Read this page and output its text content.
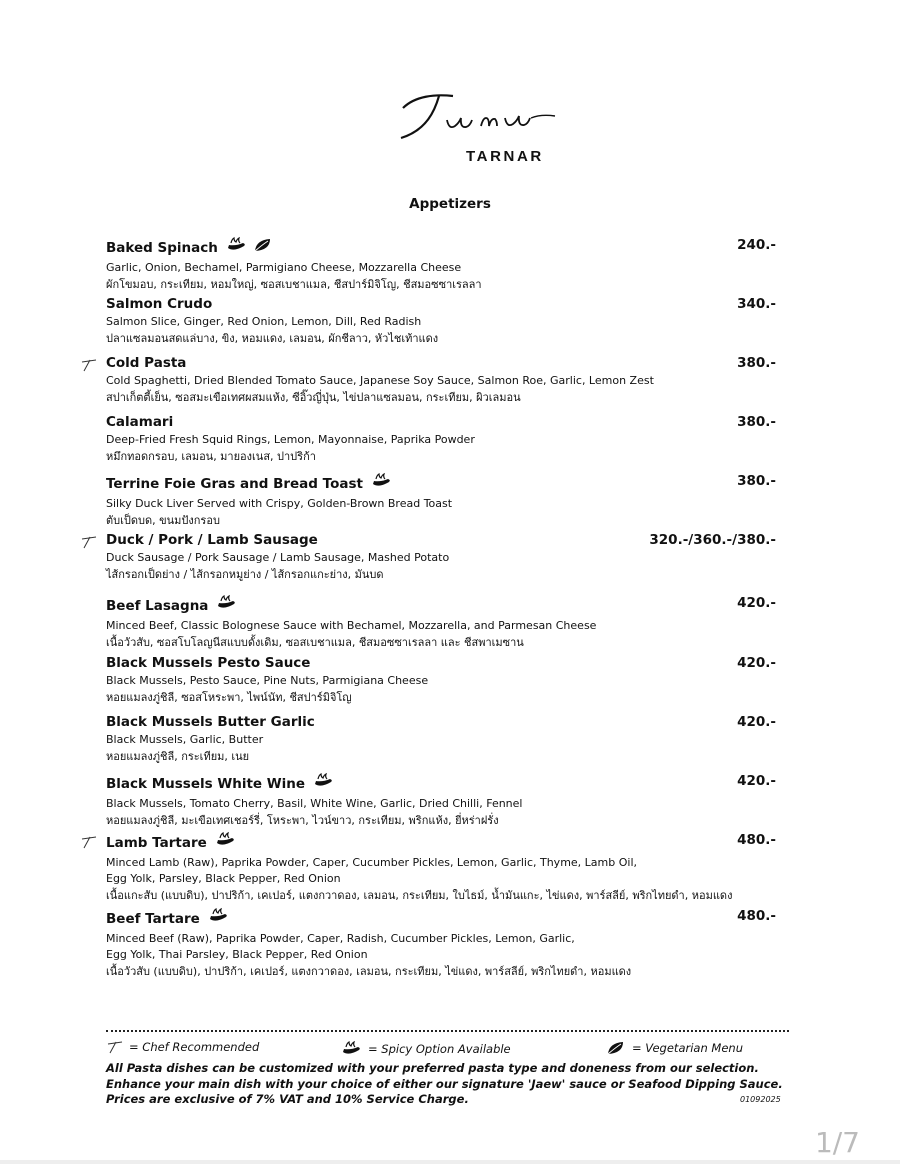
TARNAR
Appetizers
Baked Spinach	240.-
Garlic, Onion, Bechamel, Parmigiano Cheese, Mozzarella Cheese
ผักโขมอบ, กระเทียม, หอมใหญ่, ซอสเบชาแมล, ชีสปาร์มิจิโญ, ชีสมอซซาเรลลา
Salmon Crudo	340.-
Salmon Slice, Ginger, Red Onion, Lemon, Dill, Red Radish
ปลาแซลมอนสดแล่บาง, ขิง, หอมแดง, เลมอน, ผักชีลาว, หัวไชเท้าแดง
Cold Pasta	380.-
Cold Spaghetti, Dried Blended Tomato Sauce, Japanese Soy Sauce, Salmon Roe, Garlic, Lemon Zest
สปาเก็ตตี้เย็น, ซอสมะเขือเทศผสมแห้ง, ซีอิ๊วญี่ปุ่น, ไข่ปลาแซลมอน, กระเทียม, ผิวเลมอน
Calamari	380.-
Deep-Fried Fresh Squid Rings, Lemon, Mayonnaise, Paprika Powder
หมึกทอดกรอบ, เลมอน, มายองเนส, ปาปริก้า
Terrine Foie Gras and Bread Toast	380.-
Silky Duck Liver Served with Crispy, Golden-Brown Bread Toast
ตับเป็ดบด, ขนมปังกรอบ
Duck / Pork / Lamb Sausage	320.-/360.-/380.-
Duck Sausage / Pork Sausage / Lamb Sausage, Mashed Potato
ไส้กรอกเป็ดย่าง / ไส้กรอกหมูย่าง / ไส้กรอกแกะย่าง, มันบด
Beef Lasagna	420.-
Minced Beef, Classic Bolognese Sauce with Bechamel, Mozzarella, and Parmesan Cheese
เนื้อวัวสับ, ซอสโบโลญนีสแบบดั้งเดิม, ซอสเบชาแมล, ชีสมอซซาเรลลา และ ชีสพาเมซาน
Black Mussels Pesto Sauce	420.-
Black Mussels, Pesto Sauce, Pine Nuts, Parmigiana Cheese
หอยแมลงภู่ชิลี, ซอสโหระพา, ไพน์นัท, ชีสปาร์มิจิโญ
Black Mussels Butter Garlic	420.-
Black Mussels, Garlic, Butter
หอยแมลงภู่ชิลี, กระเทียม, เนย
Black Mussels White Wine	420.-
Black Mussels, Tomato Cherry, Basil, White Wine, Garlic, Dried Chilli, Fennel
หอยแมลงภู่ชิลี, มะเขือเทศเชอร์รี่, โหระพา, ไวน์ขาว, กระเทียม, พริกแห้ง, ยี่หร่าฝรั่ง
Lamb Tartare	480.-
Minced Lamb (Raw), Paprika Powder, Caper, Cucumber Pickles, Lemon, Garlic, Thyme, Lamb Oil,
Egg Yolk, Parsley, Black Pepper, Red Onion
เนื้อแกะสับ (แบบดิบ), ปาปริก้า, เคเปอร์, แตงกวาดอง, เลมอน, กระเทียม, ใบไธม์, น้ำมันแกะ, ไข่แดง, พาร์สลีย์, พริกไทยดำ, หอมแดง
Beef Tartare	480.-
Minced Beef (Raw), Paprika Powder, Caper, Radish, Cucumber Pickles, Lemon, Garlic,
Egg Yolk, Thai Parsley, Black Pepper, Red Onion
เนื้อวัวสับ (แบบดิบ), ปาปริก้า, เคเปอร์, แตงกวาดอง, เลมอน, กระเทียม, ไข่แดง, พาร์สลีย์, พริกไทยดำ, หอมแดง
= Chef Recommended	= Spicy Option Available	= Vegetarian Menu
All Pasta dishes can be customized with your preferred pasta type and doneness from our selection.
Enhance your main dish with your choice of either our signature 'Jaew' sauce or Seafood Dipping Sauce.
Prices are exclusive of 7% VAT and 10% Service Charge.	01092025
1/7
